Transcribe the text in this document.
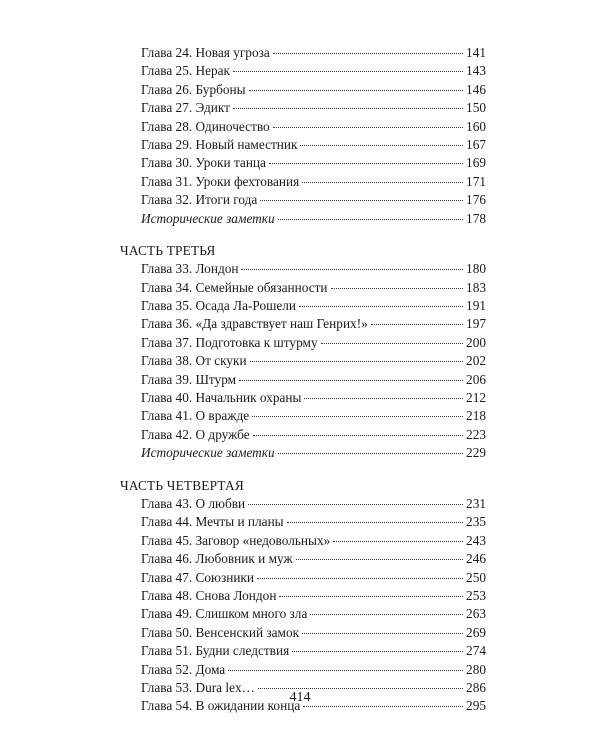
Глава 24. Новая угроза	141
Глава 25. Нерак	143
Глава 26. Бурбоны	146
Глава 27. Эдикт	150
Глава 28. Одиночество	160
Глава 29. Новый наместник	167
Глава 30. Уроки танца	169
Глава 31. Уроки фехтования	171
Глава 32. Итоги года	176
Исторические заметки	178
ЧАСТЬ ТРЕТЬЯ
Глава 33. Лондон	180
Глава 34. Семейные обязанности	183
Глава 35. Осада Ла-Рошели	191
Глава 36. «Да здравствует наш Генрих!»	197
Глава 37. Подготовка к штурму	200
Глава 38. От скуки	202
Глава 39. Штурм	206
Глава 40. Начальник охраны	212
Глава 41. О вражде	218
Глава 42. О дружбе	223
Исторические заметки	229
ЧАСТЬ ЧЕТВЕРТАЯ
Глава 43. О любви	231
Глава 44. Мечты и планы	235
Глава 45. Заговор «недовольных»	243
Глава 46. Любовник и муж	246
Глава 47. Союзники	250
Глава 48. Снова Лондон	253
Глава 49. Слишком много зла	263
Глава 50. Венсенский замок	269
Глава 51. Будни следствия	274
Глава 52. Дома	280
Глава 53. Dura lex…	286
Глава 54. В ожидании конца	295
414
